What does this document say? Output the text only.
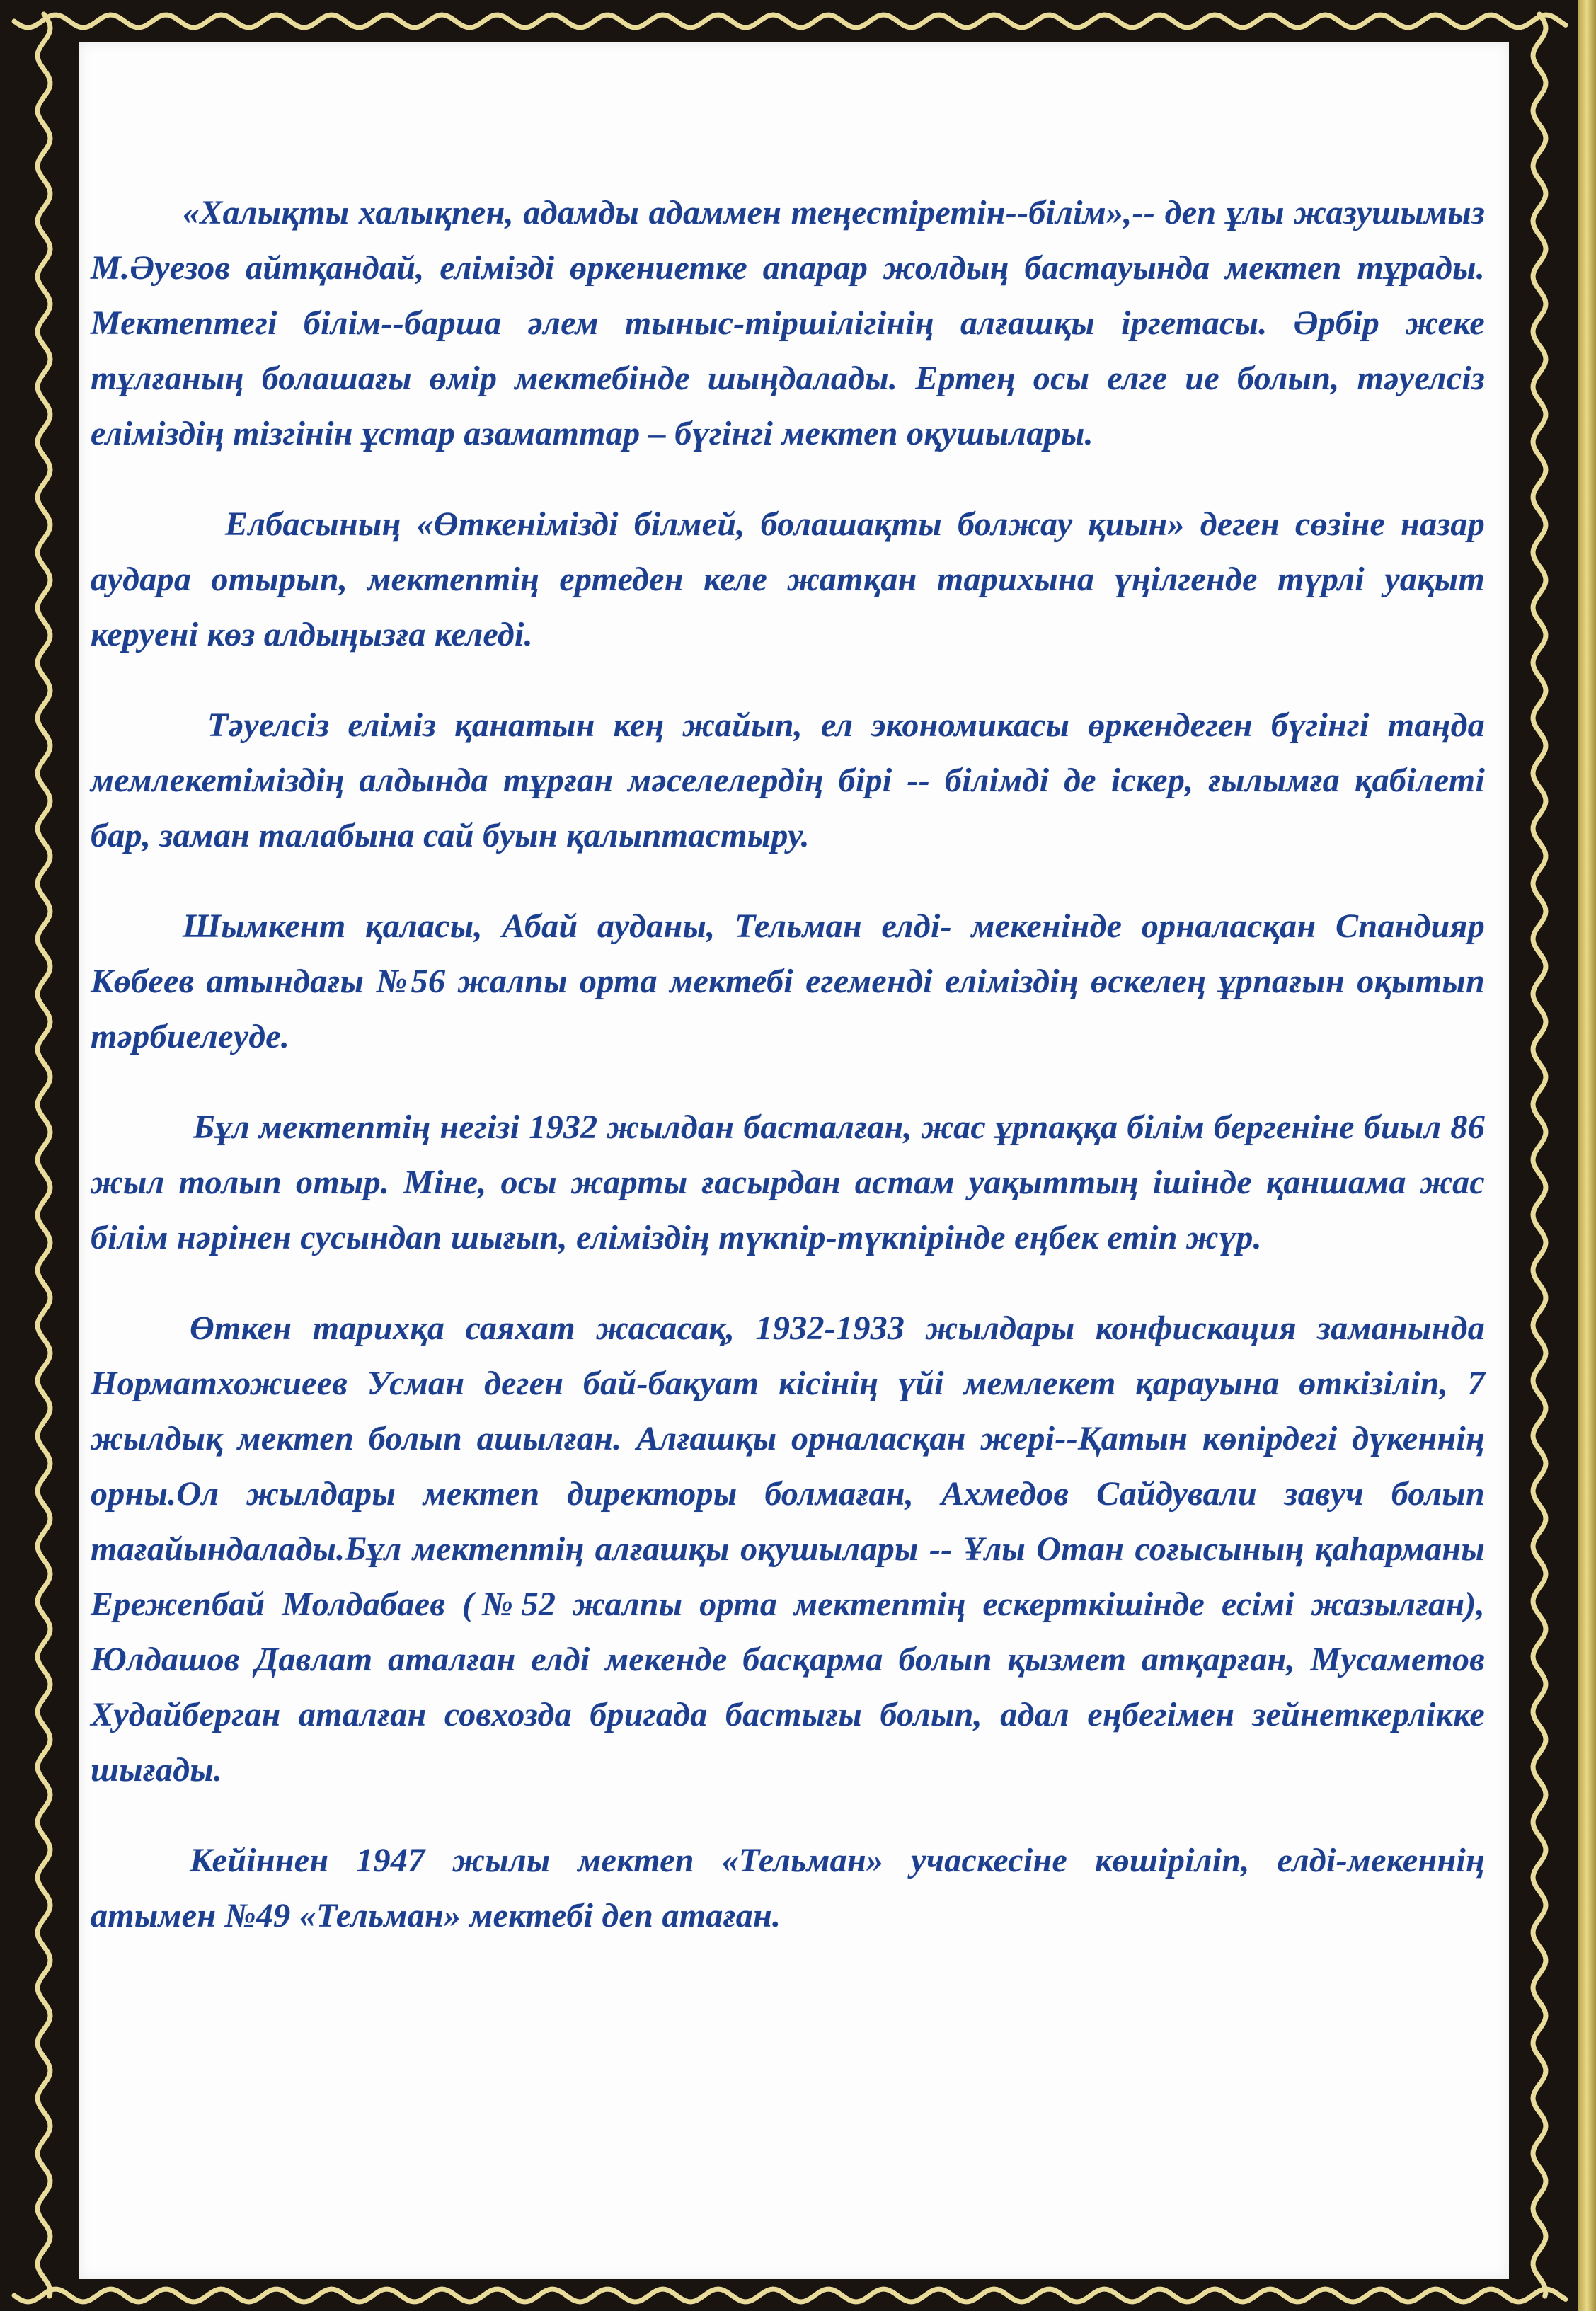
«Халықты халықпен, адамды адаммен теңестіретін--білім»,-- деп ұлы жазушымыз М.Әуезов айтқандай, елімізді өркениетке апарар жолдың бастауында мектеп тұрады. Мектептегі білім--барша әлем тыныс-тіршілігінің алғашқы іргетасы. Әрбір жеке тұлғаның болашағы өмір мектебінде шыңдалады. Ертең осы елге ие болып, тәуелсіз еліміздің тізгінін ұстар азаматтар – бүгінгі мектеп оқушылары.

Елбасының «Өткенімізді білмей, болашақты болжау қиын» деген сөзіне назар аудара отырып, мектептің ертеден келе жатқан тарихына үңілгенде түрлі уақыт керуені көз алдыңызға келеді.

Тәуелсіз еліміз қанатын кең жайып, ел экономикасы өркендеген бүгінгі таңда мемлекетіміздің алдында тұрған мәселелердің бірі -- білімді де іскер, ғылымға қабілеті бар, заман талабына сай буын қалыптастыру.

Шымкент қаласы, Абай ауданы, Тельман елді- мекенінде орналасқан Спандияр Көбеев атындағы №56 жалпы орта мектебі егеменді еліміздің өскелең ұрпағын оқытып тәрбиелеуде.

Бұл мектептің негізі 1932 жылдан басталған, жас ұрпаққа білім бергеніне биыл 86 жыл толып отыр. Міне, осы жарты ғасырдан астам уақыттың ішінде қаншама жас білім нәрінен сусындап шығып, еліміздің түкпір-түкпірінде еңбек етіп жүр.

Өткен тарихқа саяхат жасасақ, 1932-1933 жылдары конфискация заманында Норматхожиеев Усман деген бай-бақуат кісінің үйі мемлекет қарауына өткізіліп, 7 жылдық мектеп болып ашылған. Алғашқы орналасқан жері--Қатын көпірдегі дүкеннің орны.Ол жылдары мектеп директоры болмаған, Ахмедов Сайдували завуч болып тағайындалады.Бұл мектептің алғашқы оқушылары -- Ұлы Отан соғысының қаһарманы Ережепбай Молдабаев (№52 жалпы орта мектептің ескерткішінде есімі жазылған), Юлдашов Давлат аталған елді мекенде басқарма болып қызмет атқарған, Мусаметов Худайберган аталған совхозда бригада бастығы болып, адал еңбегімен зейнеткерлікке шығады.

Кейіннен 1947 жылы мектеп «Тельман» учаскесіне көшіріліп, елді-мекеннің атымен №49 «Тельман» мектебі деп атаған.
